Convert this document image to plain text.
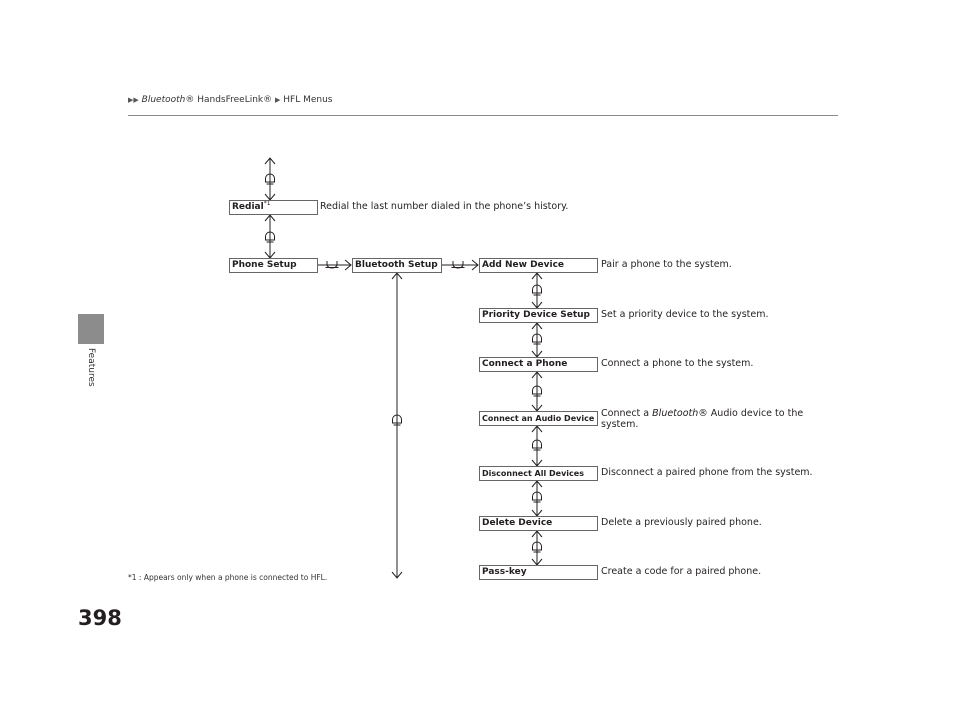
Features
▶▶ Bluetooth® HandsFreeLink® ▶ HFL Menus
Redial$^{*1}$	Redial the last number dialed in the phone’s history.
Phone Setup	Bluetooth Setup	Add New Device	Pair a phone to the system.
Priority Device Setup	Set a priority device to the system.
Connect a Phone	Connect a phone to the system.
Connect an Audio Device Connect a Bluetooth® Audio device to the system.
Disconnect All Devices	Disconnect a paired phone from the system.
Delete Device	Delete a previously paired phone.
Pass-key	Create a code for a paired phone.
*1 : Appears only when a phone is connected to HFL.
398
